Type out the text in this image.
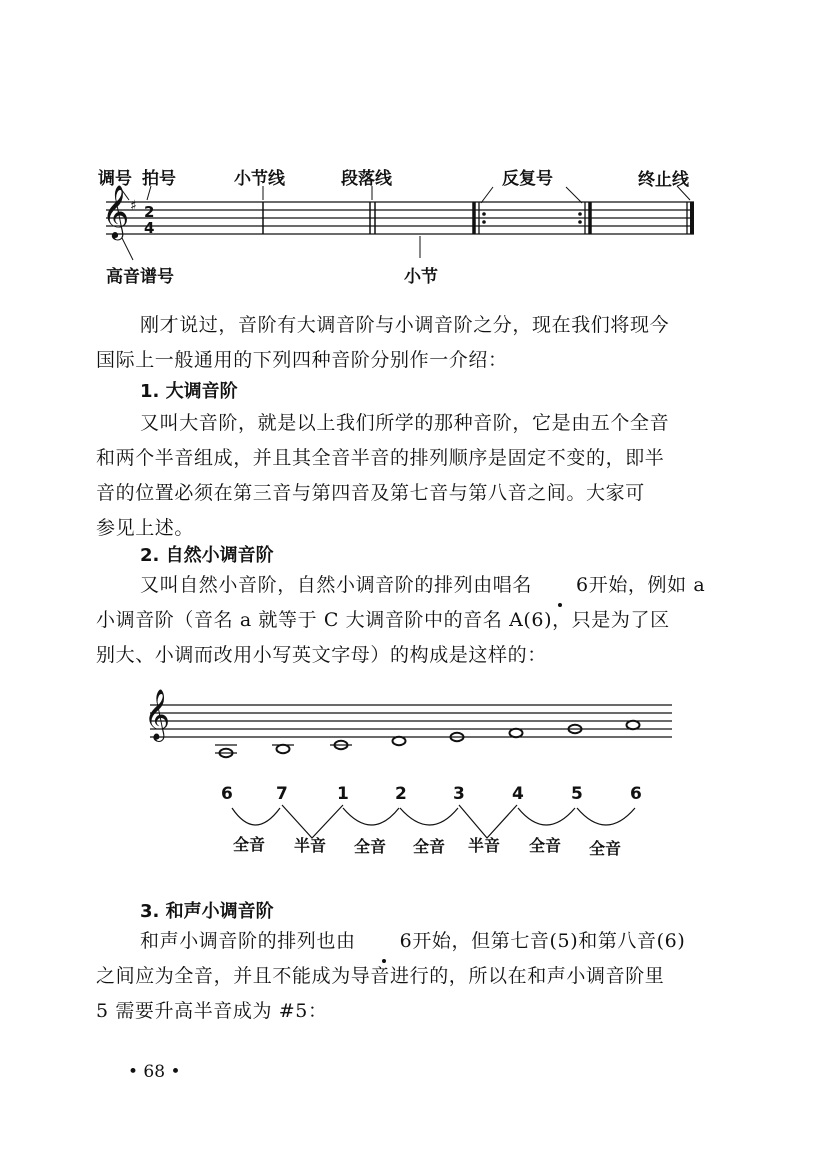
2
4
♯
𝄞
调号 拍号	小节线	段落线	反复号	终止线
高音谱号	小节

刚才说过，音阶有大调音阶与小调音阶之分，现在我们将现今

国际上一般通用的下列四种音阶分别作一介绍：

1. 大调音阶

又叫大音阶，就是以上我们所学的那种音阶，它是由五个全音

和两个半音组成，并且其全音半音的排列顺序是固定不变的，即半

音的位置必须在第三音与第四音及第七音与第八音之间。大家可

参见上述。

2. 自然小调音阶

又叫自然小音阶，自然小调音阶的排列由唱名 6开始，例如 a

小调音阶（音名 a 就等于 C 大调音阶中的音名 A(6)，只是为了区

别大、小调而改用小写英文字母）的构成是这样的：

𝄞
6	7	1	2	3	4	5	6
全音 半音 全音 全音 半音 全音 全音
3. 和声小调音阶

和声小调音阶的排列也由 6开始，但第七音(5)和第八音(6)

之间应为全音，并且不能成为导音进行的，所以在和声小调音阶里

5 需要升高半音成为 #5：

• 68 •
